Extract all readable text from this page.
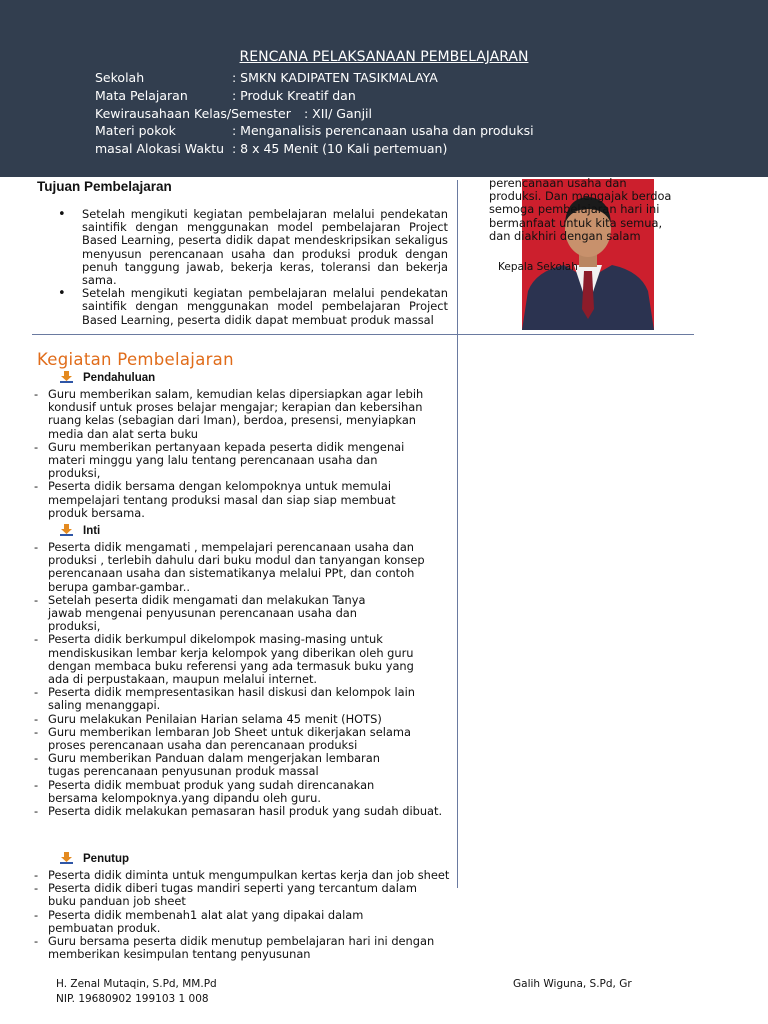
RENCANA PELAKSANAAN PEMBELAJARAN
Sekolah	: SMKN KADIPATEN TASIKMALAYA
Mata Pelajaran	: Produk Kreatif dan
Kewirausahaan Kelas/Semester : XII/ Ganjil
Materi pokok	: Menganalisis perencanaan usaha dan produksi
masal Alokasi Waktu : 8 x 45 Menit (10 Kali pertemuan)
Tujuan Pembelajaran
• Setelah mengikuti kegiatan pembelajaran melalui pendekatan saintifik dengan menggunakan model pembelajaran Project Based Learning, peserta didik dapat mendeskripsikan sekaligus menyusun perencanaan usaha dan produksi produk dengan penuh tanggung jawab, bekerja keras, toleransi dan bekerja sama.
• Setelah mengikuti kegiatan pembelajaran melalui pendekatan saintifik dengan menggunakan model pembelajaran Project Based Learning, peserta didik dapat membuat produk massal
perencanaan usaha dan produksi. Dan mengajak berdoa semoga pembelajaran hari ini bermanfaat untuk kita semua, dan diakhiri dengan salam
Kepala Sekolah
Kegiatan Pembelajaran
Pendahuluan
- Guru memberikan salam, kemudian kelas dipersiapkan agar lebih kondusif untuk proses belajar mengajar; kerapian dan kebersihan ruang kelas (sebagian dari Iman), berdoa, presensi, menyiapkan media dan alat serta buku
- Guru memberikan pertanyaan kepada peserta didik mengenai materi minggu yang lalu tentang perencanaan usaha dan produksi,
- Peserta didik bersama dengan kelompoknya untuk memulai mempelajari tentang produksi masal dan siap siap membuat produk bersama.
Inti
- Peserta didik mengamati , mempelajari perencanaan usaha dan produksi , terlebih dahulu dari buku modul dan tanyangan konsep perencanaan usaha dan sistematikanya melalui PPt, dan contoh berupa gambar-gambar..
- Setelah peserta didik mengamati dan melakukan Tanya jawab mengenai penyusunan perencanaan usaha dan produksi,
- Peserta didik berkumpul dikelompok masing-masing untuk mendiskusikan lembar kerja kelompok yang diberikan oleh guru dengan membaca buku referensi yang ada termasuk buku yang ada di perpustakaan, maupun melalui internet.
- Peserta didik mempresentasikan hasil diskusi dan kelompok lain saling menanggapi.
- Guru melakukan Penilaian Harian selama 45 menit (HOTS)
- Guru memberikan lembaran Job Sheet untuk dikerjakan selama proses perencanaan usaha dan perencanaan produksi
- Guru memberikan Panduan dalam mengerjakan lembaran tugas perencanaan penyusunan produk massal
- Peserta didik membuat produk yang sudah direncanakan bersama kelompoknya.yang dipandu oleh guru.
- Peserta didik melakukan pemasaran hasil produk yang sudah dibuat.
Penutup
- Peserta didik diminta untuk mengumpulkan kertas kerja dan job sheet
- Peserta didik diberi tugas mandiri seperti yang tercantum dalam buku panduan job sheet
- Peserta didik membenah1 alat alat yang dipakai dalam pembuatan produk.
- Guru bersama peserta didik menutup pembelajaran hari ini dengan memberikan kesimpulan tentang penyusunan
H. Zenal Mutaqin, S.Pd, MM.Pd
NIP. 19680902 199103 1 008
Galih Wiguna, S.Pd, Gr
